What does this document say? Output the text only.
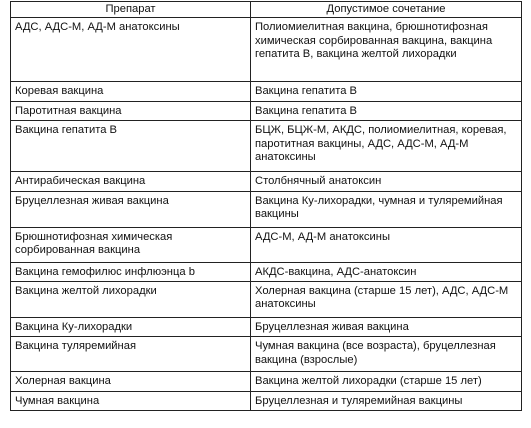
Препарат	Допустимое сочетание
АДС, АДС-М, АД-М анатоксины	Полиомиелитная вакцина, брюшнотифозная химическая сорбированная вакцина, вакцина гепатита В, вакцина желтой лихорадки
Коревая вакцина	Вакцина гепатита В
Паротитная вакцина	Вакцина гепатита В
Вакцина гепатита В	БЦЖ, БЦЖ-М, АКДС, полиомиелитная, коревая, паротитная вакцины, АДС, АДС-М, АД-М анатоксины
Антирабическая вакцина	Столбнячный анатоксин
Бруцеллезная живая вакцина	Вакцина Ку-лихорадки, чумная и туляремийная вакцины
Брюшнотифозная химическая сорбированная вакцина	АДС-М, АД-М анатоксины
Вакцина гемофилюс инфлюэнца b	АКДС-вакцина, АДС-анатоксин
Вакцина желтой лихорадки	Холерная вакцина (старше 15 лет), АДС, АДС-М анатоксины
Вакцина Ку-лихорадки	Бруцеллезная живая вакцина
Вакцина туляремийная	Чумная вакцина (все возраста), бруцеллезная вакцина (взрослые)
Холерная вакцина	Вакцина желтой лихорадки (старше 15 лет)
Чумная вакцина	Бруцеллезная и туляремийная вакцины
